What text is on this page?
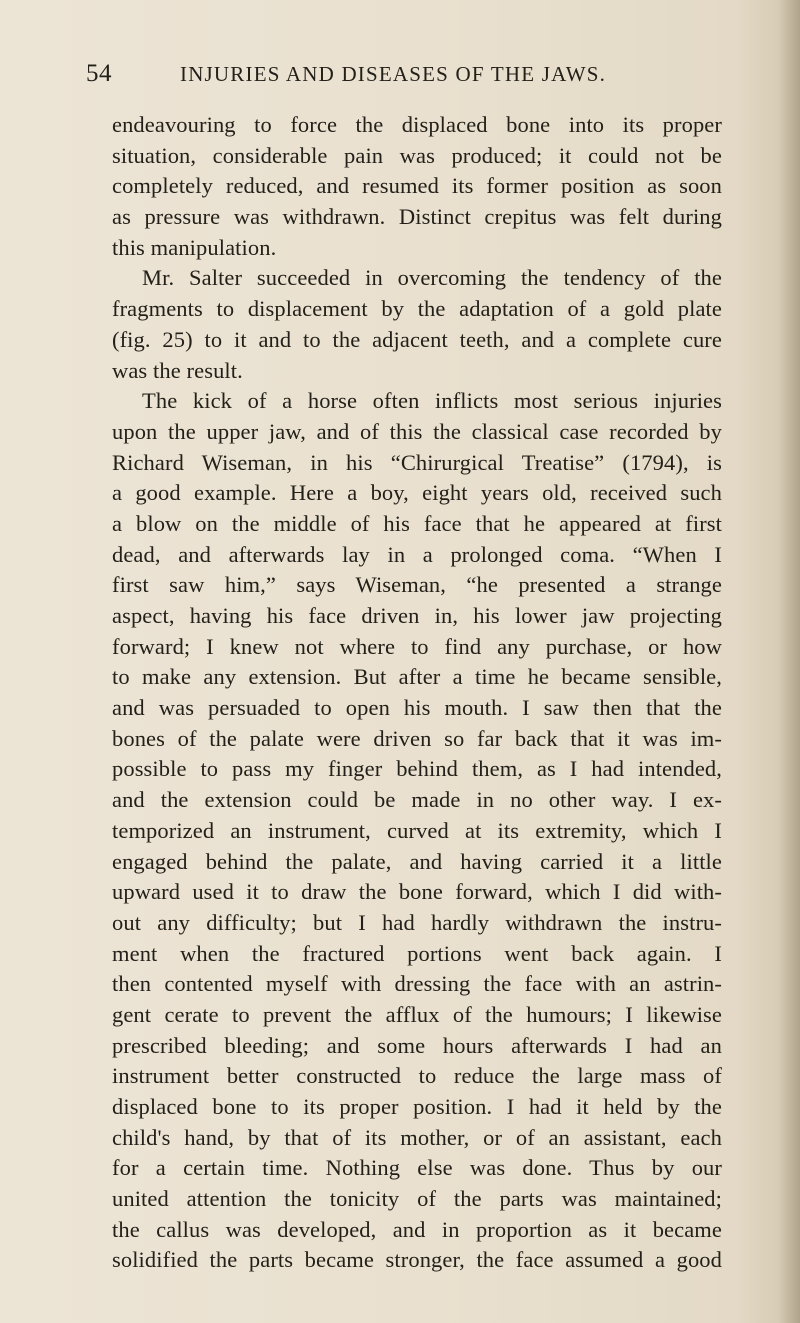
54	INJURIES AND DISEASES OF THE JAWS.
endeavouring to force the displaced bone into its proper
situation, considerable pain was produced; it could not be
completely reduced, and resumed its former position as soon
as pressure was withdrawn. Distinct crepitus was felt during
this manipulation.
Mr. Salter succeeded in overcoming the tendency of the
fragments to displacement by the adaptation of a gold plate
(fig. 25) to it and to the adjacent teeth, and a complete cure
was the result.
The kick of a horse often inflicts most serious injuries
upon the upper jaw, and of this the classical case recorded by
Richard Wiseman, in his “Chirurgical Treatise” (1794), is
a good example. Here a boy, eight years old, received such
a blow on the middle of his face that he appeared at first
dead, and afterwards lay in a prolonged coma. “When I
first saw him,” says Wiseman, “he presented a strange
aspect, having his face driven in, his lower jaw projecting
forward; I knew not where to find any purchase, or how
to make any extension. But after a time he became sensible,
and was persuaded to open his mouth. I saw then that the
bones of the palate were driven so far back that it was im-
possible to pass my finger behind them, as I had intended,
and the extension could be made in no other way. I ex-
temporized an instrument, curved at its extremity, which I
engaged behind the palate, and having carried it a little
upward used it to draw the bone forward, which I did with-
out any difficulty; but I had hardly withdrawn the instru-
ment when the fractured portions went back again. I
then contented myself with dressing the face with an astrin-
gent cerate to prevent the afflux of the humours; I likewise
prescribed bleeding; and some hours afterwards I had an
instrument better constructed to reduce the large mass of
displaced bone to its proper position. I had it held by the
child's hand, by that of its mother, or of an assistant, each
for a certain time. Nothing else was done. Thus by our
united attention the tonicity of the parts was maintained;
the callus was developed, and in proportion as it became
solidified the parts became stronger, the face assumed a good
